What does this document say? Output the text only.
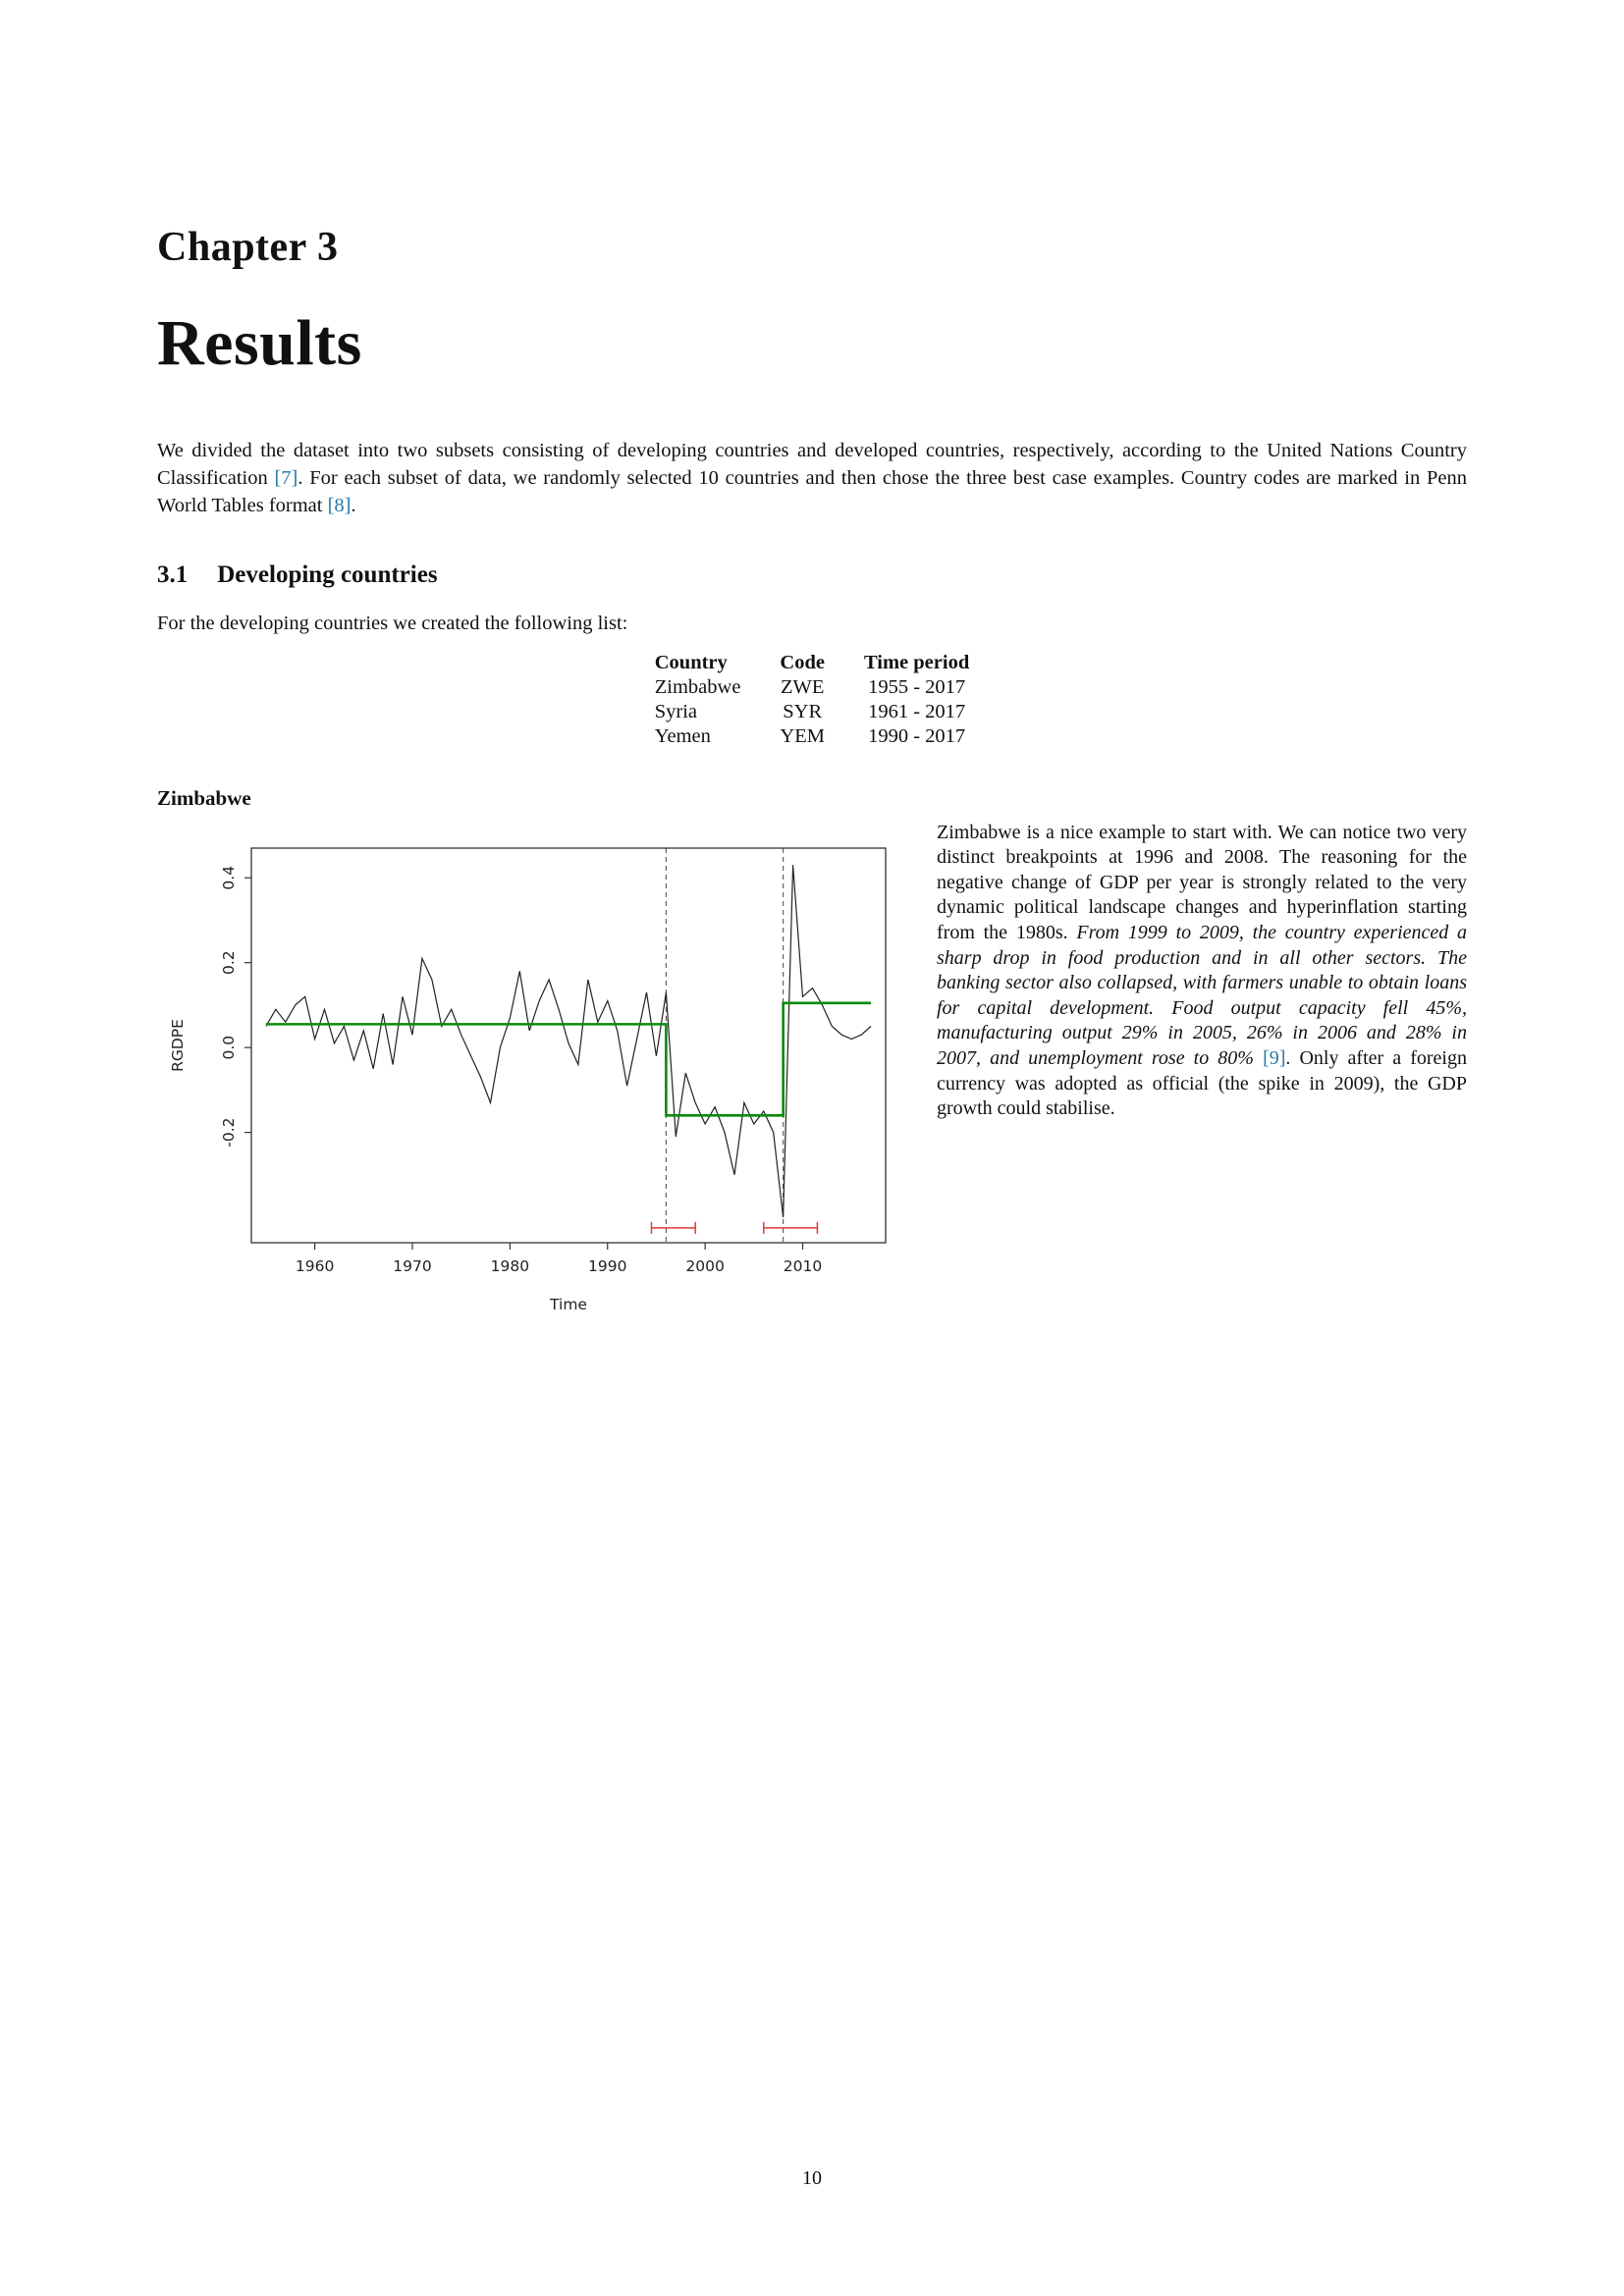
Chapter 3
Results

We divided the dataset into two subsets consisting of developing countries and developed countries, respectively, according to the United Nations Country Classification [7]. For each subset of data, we randomly selected 10 countries and then chose the three best case examples. Country codes are marked in Penn World Tables format [8].

3.1 Developing countries
For the developing countries we created the following list:
Country	Code	Time period
Zimbabwe	ZWE	1955 - 2017
Syria	SYR	1961 - 2017
Yemen	YEM	1990 - 2017
Zimbabwe
1960	1970	1980	1990	2000	2010
-0.2
0.0
0.2
0.4
Time
RGDPE

Zimbabwe is a nice example to start with. We can notice two very distinct breakpoints at 1996 and 2008. The reasoning for the negative change of GDP per year is strongly related to the very dynamic political landscape changes and hyperinflation starting from the 1980s. From 1999 to 2009, the country experienced a sharp drop in food production and in all other sectors. The banking sector also collapsed, with farmers unable to obtain loans for capital development. Food output capacity fell 45%, manufacturing output 29% in 2005, 26% in 2006 and 28% in 2007, and unemployment rose to 80% [9]. Only after a foreign currency was adopted as official (the spike in 2009), the GDP growth could stabilise.

10
